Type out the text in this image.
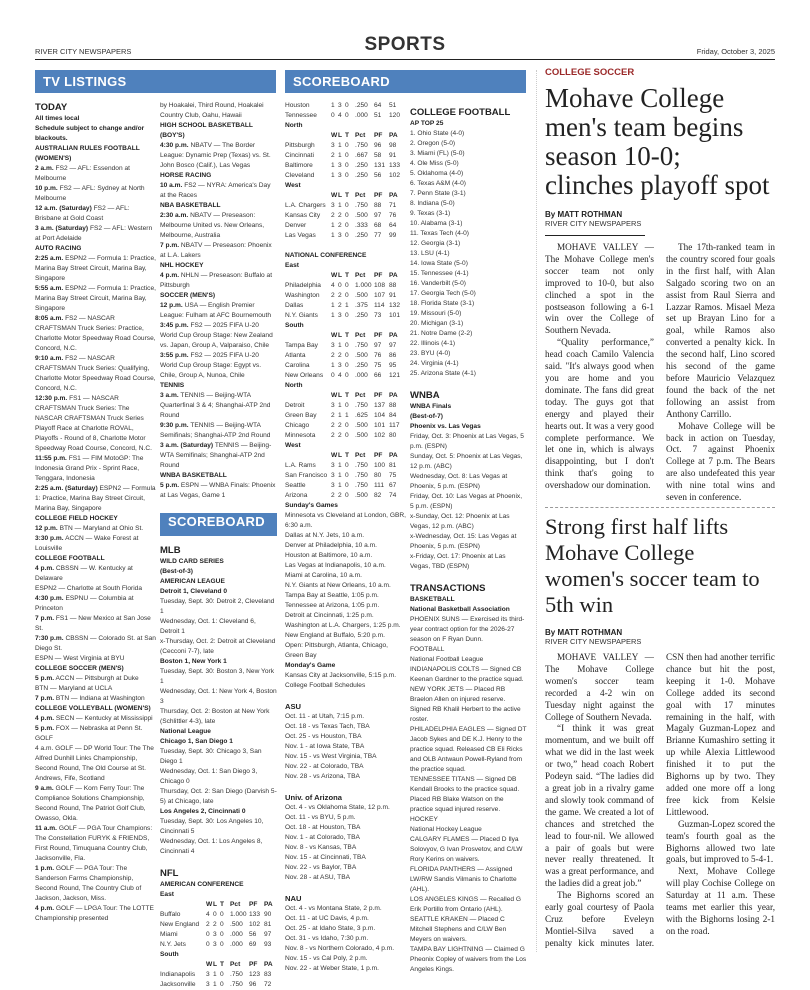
RIVER CITY NEWSPAPERS	SPORTS	Friday, October 3, 2025
TV LISTINGS	SCOREBOARD
TODAY
All times local
Schedule subject to change and/or blackouts.
AUSTRALIAN RULES FOOTBALL (WOMEN'S)
2 a.m. FS2 — AFL: Essendon at Melbourne
10 p.m. FS2 — AFL: Sydney at North Melbourne
12 a.m. (Saturday) FS2 — AFL: Brisbane at Gold Coast
3 a.m. (Saturday) FS2 — AFL: Western at Port Adelaide
AUTO RACING
2:25 a.m. ESPN2 — Formula 1: Practice, Marina Bay Street Circuit, Marina Bay, Singapore
5:55 a.m. ESPN2 — Formula 1: Practice, Marina Bay Street Circuit, Marina Bay, Singapore
8:05 a.m. FS2 — NASCAR CRAFTSMAN Truck Series: Practice, Charlotte Motor Speedway Road Course, Concord, N.C.
9:10 a.m. FS2 — NASCAR CRAFTSMAN Truck Series: Qualifying, Charlotte Motor Speedway Road Course, Concord, N.C.
12:30 p.m. FS1 — NASCAR CRAFTSMAN Truck Series: The NASCAR CRAFTSMAN Truck Series Playoff Race at Charlotte ROVAL, Playoffs - Round of 8, Charlotte Motor Speedway Road Course, Concord, N.C.
11:55 p.m. FS1 — FIM MotoGP: The Indonesia Grand Prix - Sprint Race, Tenggara, Indonesia
2:25 a.m. (Saturday) ESPN2 — Formula 1: Practice, Marina Bay Street Circuit, Marina Bay, Singapore
COLLEGE FIELD HOCKEY
12 p.m. BTN — Maryland at Ohio St.
3:30 p.m. ACCN — Wake Forest at Louisville
COLLEGE FOOTBALL
4 p.m. CBSSN — W. Kentucky at Delaware
ESPN2 — Charlotte at South Florida
4:30 p.m. ESPNU — Columbia at Princeton
7 p.m. FS1 — New Mexico at San Jose St.
7:30 p.m. CBSSN — Colorado St. at San Diego St.
ESPN — West Virginia at BYU
COLLEGE SOCCER (MEN'S)
5 p.m. ACCN — Pittsburgh at Duke
BTN — Maryland at UCLA
7 p.m. BTN — Indiana at Washington
COLLEGE VOLLEYBALL (WOMEN'S)
4 p.m. SECN — Kentucky at Mississippi
5 p.m. FOX — Nebraska at Penn St.
GOLF
4 a.m. GOLF — DP World Tour: The The Alfred Dunhill Links Championship, Second Round, The Old Course at St. Andrews, Fife, Scotland
9 a.m. GOLF — Korn Ferry Tour: The Compliance Solutions Championship, Second Round, The Patriot Golf Club, Owasso, Okla.
11 a.m. GOLF — PGA Tour Champions: The Constellation FURYK & FRIENDS, First Round, Timuquana Country Club, Jacksonville, Fla.
1 p.m. GOLF — PGA Tour: The Sanderson Farms Championship, Second Round, The Country Club of Jackson, Jackson, Miss.
4 p.m. GOLF — LPGA Tour: The LOTTE Championship presented
by Hoakalei, Third Round, Hoakalei Country Club, Oahu, Hawaii
HIGH SCHOOL BASKETBALL (BOY'S)
4:30 p.m. NBATV — The Border League: Dynamic Prep (Texas) vs. St. John Bosco (Calif.), Las Vegas
HORSE RACING
10 a.m. FS2 — NYRA: America's Day at the Races
NBA BASKETBALL
2:30 a.m. NBATV — Preseason: Melbourne United vs. New Orleans, Melbourne, Australia
7 p.m. NBATV — Preseason: Phoenix at L.A. Lakers
NHL HOCKEY
4 p.m. NHLN — Preseason: Buffalo at Pittsburgh
SOCCER (MEN'S)
12 p.m. USA — English Premier League: Fulham at AFC Bournemouth
3:45 p.m. FS2 — 2025 FIFA U-20 World Cup Group Stage: New Zealand vs. Japan, Group A, Valparaiso, Chile
3:55 p.m. FS2 — 2025 FIFA U-20 World Cup Group Stage: Egypt vs. Chile, Group A, Nunoa, Chile
TENNIS
3 a.m. TENNIS — Beijing-WTA Quarterfinal 3 & 4; Shanghai-ATP 2nd Round
9:30 p.m. TENNIS — Beijing-WTA Semifinals; Shanghai-ATP 2nd Round
3 a.m. (Saturday) TENNIS — Beijing-WTA Semifinals; Shanghai-ATP 2nd Round
WNBA BASKETBALL
5 p.m. ESPN — WNBA Finals: Phoenix at Las Vegas, Game 1
SCOREBOARD
MLB
WILD CARD SERIES
(Best-of-3)
AMERICAN LEAGUE
Detroit 1, Cleveland 0
Tuesday, Sept. 30: Detroit 2, Cleveland 1
Wednesday, Oct. 1: Cleveland 6, Detroit 1
x-Thursday, Oct. 2: Detroit at Cleveland (Cecconi 7-7), late
Boston 1, New York 1
Tuesday, Sept. 30: Boston 3, New York 1
Wednesday, Oct. 1: New York 4, Boston 3
Thursday, Oct. 2: Boston at New York (Schlittler 4-3), late
National League
Chicago 1, San Diego 1
Tuesday, Sept. 30: Chicago 3, San Diego 1
Wednesday, Oct. 1: San Diego 3, Chicago 0
Thursday, Oct. 2: San Diego (Darvish 5-5) at Chicago, late
Los Angeles 2, Cincinnati 0
Tuesday, Sept. 30: Los Angeles 10, Cincinnati 5
Wednesday, Oct. 1: Los Angeles 8, Cincinnati 4
NFL
AMERICAN CONFERENCE
East
W L T Pct	PF PA
Buffalo	4 0 0 1.000 133 90
New England	2 2 0 .500 102 81
Miami	0 3 0 .000 56	97
N.Y. Jets	0 3 0 .000 69	93
South
W L T Pct	PF PA
Indianapolis	3 1 0 .750 123 83
Jacksonville	3 1 0 .750 96	72
Houston	1 3 0 .250 64	51
Tennessee	0 4 0 .000 51	120
North
W L T Pct	PF PA
Pittsburgh	3 1 0 .750 96	98
Cincinnati	2 1 0 .667 58	91
Baltimore	1 3 0 .250 131 133
Cleveland	1 3 0 .250 56	102
West
W L T Pct	PF PA
L.A. Chargers 3 1 0 .750 88	71
Kansas City	2 2 0 .500 97	76
Denver	1 2 0 .333 68	64
Las Vegas	1 3 0 .250 77	99
NATIONAL CONFERENCE
East
W L T Pct	PF PA
Philadelphia	4 0 0 1.000 108 88
Washington	2 2 0 .500 107 91
Dallas	1 2 1 .375 114 132
N.Y. Giants	1 3 0 .250 73	101
South
W L T Pct	PF PA
Tampa Bay	3 1 0 .750 97	97
Atlanta	2 2 0 .500 76	86
Carolina	1 3 0 .250 75	95
New Orleans	0 4 0 .000 66	121
North
W L T Pct	PF PA
Detroit	3 1 0 .750 137 88
Green Bay	2 1 1 .625 104 84
Chicago	2 2 0 .500 101 117
Minnesota	2 2 0 .500 102 80
West
W L T Pct	PF PA
L.A. Rams	3 1 0 .750 100 81
San Francisco 3 1 0 .750 80	75
Seattle	3 1 0 .750 111 67
Arizona	2 2 0 .500 82	74
Sunday's Games
Minnesota vs Cleveland at London, GBR, 6:30 a.m.
Dallas at N.Y. Jets, 10 a.m.
Denver at Philadelphia, 10 a.m.
Houston at Baltimore, 10 a.m.
Las Vegas at Indianapolis, 10 a.m.
Miami at Carolina, 10 a.m.
N.Y. Giants at New Orleans, 10 a.m.
Tampa Bay at Seattle, 1:05 p.m.
Tennessee at Arizona, 1:05 p.m.
Detroit at Cincinnati, 1:25 p.m.
Washington at L.A. Chargers, 1:25 p.m.
New England at Buffalo, 5:20 p.m.
Open: Pittsburgh, Atlanta, Chicago, Green Bay
Monday's Game
Kansas City at Jacksonville, 5:15 p.m.
College Football Schedules
ASU
Oct. 11 - at Utah, 7:15 p.m.
Oct. 18 - vs Texas Tach, TBA
Oct. 25 - vs Houston, TBA
Nov. 1 - at Iowa State, TBA
Nov. 15 - vs West Virginia, TBA
Nov. 22 - at Colorado, TBA
Nov. 28 - vs Arizona, TBA
Univ. of Arizona
Oct. 4 - vs Oklahoma State, 12 p.m.
Oct. 11 - vs BYU, 5 p.m.
Oct. 18 - at Houston, TBA
Nov. 1 - at Colorado, TBA
Nov. 8 - vs Kansas, TBA
Nov. 15 - at Cincinnati, TBA
Nov. 22 - vs Baylor, TBA
Nov. 28 - at ASU, TBA
NAU
Oct. 4 - vs Montana State, 2 p.m.
Oct. 11 - at UC Davis, 4 p.m.
Oct. 25 - at Idaho State, 3 p.m.
Oct. 31 - vs Idaho, 7:30 p.m.
Nov. 8 - vs Northern Colorado, 4 p.m.
Nov. 15 - vs Cal Poly, 2 p.m.
Nov. 22 - at Weber State, 1 p.m.
COLLEGE FOOTBALL
AP TOP 25
1. Ohio State (4-0)
2. Oregon (5-0)
3. Miami (FL) (5-0)
4. Ole Miss (5-0)
5. Oklahoma (4-0)
6. Texas A&M (4-0)
7. Penn State (3-1)
8. Indiana (5-0)
9. Texas (3-1)
10. Alabama (3-1)
11. Texas Tech (4-0)
12. Georgia (3-1)
13. LSU (4-1)
14. Iowa State (5-0)
15. Tennessee (4-1)
16. Vanderbilt (5-0)
17. Georgia Tech (5-0)
18. Florida State (3-1)
19. Missouri (5-0)
20. Michigan (3-1)
21. Notre Dame (2-2)
22. Illinois (4-1)
23. BYU (4-0)
24. Virginia (4-1)
25. Arizona State (4-1)
WNBA
WNBA Finals
(Best-of-7)
Phoenix vs. Las Vegas
Friday, Oct. 3: Phoenix at Las Vegas, 5 p.m. (ESPN)
Sunday, Oct. 5: Phoenix at Las Vegas, 12 p.m. (ABC)
Wednesday, Oct. 8: Las Vegas at Phoenix, 5 p.m. (ESPN)
Friday, Oct. 10: Las Vegas at Phoenix, 5 p.m. (ESPN)
x-Sunday, Oct. 12: Phoenix at Las Vegas, 12 p.m. (ABC)
x-Wednesday, Oct. 15: Las Vegas at Phoenix, 5 p.m. (ESPN)
x-Friday, Oct. 17: Phoenix at Las Vegas, TBD (ESPN)
TRANSACTIONS
BASKETBALL
National Basketball Association
PHOENIX SUNS — Exercised its third-year contract option for the 2026-27 season on F Ryan Dunn.
FOOTBALL
National Football League
INDIANAPOLIS COLTS — Signed CB Keenan Gardner to the practice squad.
NEW YORK JETS — Placed RB Braelon Allen on injured reserve. Signed RB Khalil Herbert to the active roster.
PHILADELPHIA EAGLES — Signed DT Jacob Sykes and DE K.J. Henry to the practice squad. Released CB Eli Ricks and OLB Antwaun Powell-Ryland from the practice squad.
TENNESSEE TITANS — Signed DB Kendall Brooks to the practice squad. Placed RB Blake Watson on the practice squad injured reserve.
HOCKEY
National Hockey League
CALGARY FLAMES — Placed D Ilya Solovyov, G Ivan Prosvetov, and C/LW Rory Kerins on waivers.
FLORIDA PANTHERS — Assigned LW/RW Sandis Vilmanis to Charlotte (AHL).
LOS ANGELES KINGS — Recalled G Erik Portillo from Ontario (AHL).
SEATTLE KRAKEN — Placed C Mitchell Stephens and C/LW Ben Meyers on waivers.
TAMPA BAY LIGHTNING — Claimed G Pheonix Copley of waivers from the Los Angeles Kings.
COLLEGE SOCCER
Mohave College men's team begins season 10-0; clinches playoff spot
By MATT ROTHMAN
RIVER CITY NEWSPAPERS

MOHAVE VALLEY — The Mohave College men's soccer team not only improved to 10-0, but also clinched a spot in the postseason following a 6-1 win over the College of Southern Nevada.

“Quality performance,” head coach Camilo Valencia said. "It's always good when you are home and you dominate. The fans did great today. The guys got that energy and played their hearts out. It was a very good complete performance. We let one in, which is always disappointing, but I don't think that's going to overshadow our domination.

The 17th-ranked team in the country scored four goals in the first half, with Alan Salgado scoring two on an assist from Raul Sierra and Lazzar Ramos. Misael Meza set up Brayan Lino for a goal, while Ramos also converted a penalty kick. In the second half, Lino scored his second of the game before Mauricio Velazquez found the back of the net following an assist from Anthony Carrillo.

Mohave College will be back in action on Tuesday, Oct. 7 against Phoenix College at 7 p.m. The Bears are also undefeated this year with nine total wins and seven in conference.

Strong first half lifts Mohave College women's soccer team to 5th win
By MATT ROTHMAN
RIVER CITY NEWSPAPERS

MOHAVE VALLEY — The Mohave College women's soccer team recorded a 4-2 win on Tuesday night against the College of Southern Nevada.

“I think it was great momentum, and we built off what we did in the last week or two,” head coach Robert Podeyn said. “The ladies did a great job in a rivalry game and slowly took command of the game. We created a lot of chances and stretched the lead to four-nil. We allowed a pair of goals but were never really threatened. It was a great performance, and the ladies did a great job.”

The Bighorns scored an early goal courtesy of Paola Cruz before Eveleyn Montiel-Silva saved a penalty kick minutes later. CSN then had another terrific chance but hit the post, keeping it 1-0. Mohave College added its second goal with 17 minutes remaining in the half, with Magaly Guzman-Lopez and Brianne Kumashiro setting it up while Alexia Littlewood finished it to put the Bighorns up by two. They added one more off a long free kick from Kelsie Littlewood.

Guzman-Lopez scored the team's fourth goal as the Bighorns allowed two late goals, but improved to 5-4-1.

Next, Mohave College will play Cochise College on Saturday at 11 a.m. These teams met earlier this year, with the Bighorns losing 2-1 on the road.
